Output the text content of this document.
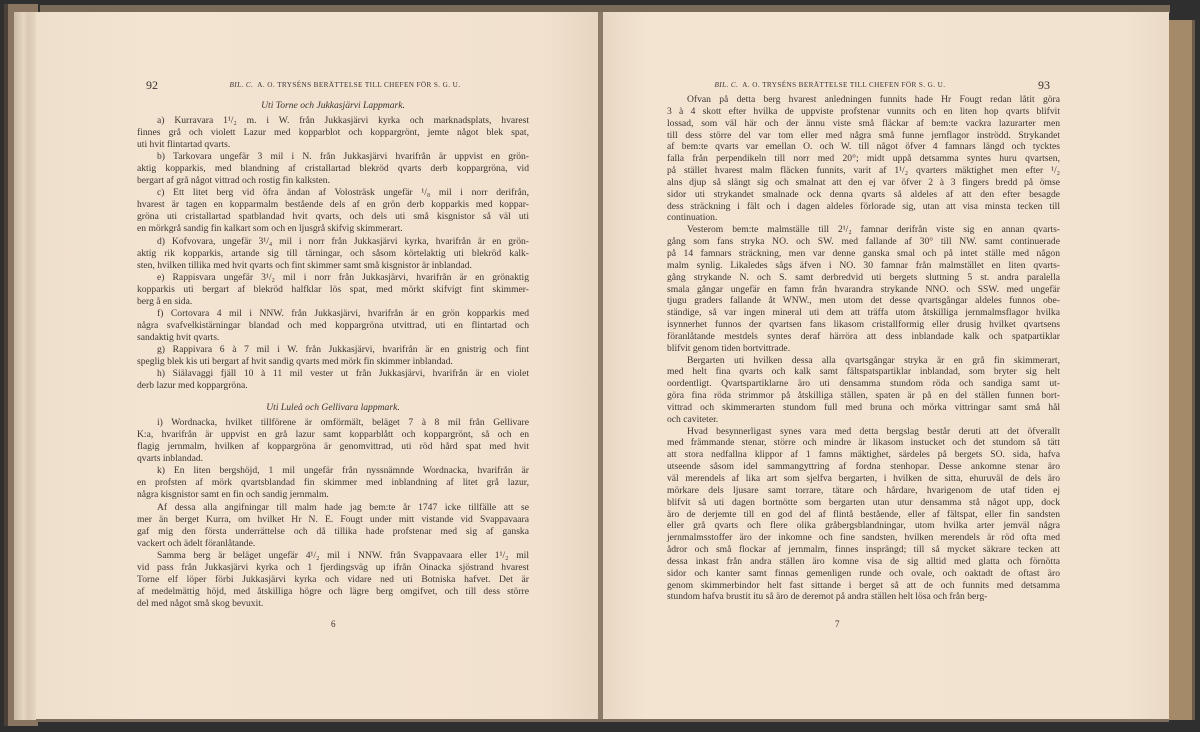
92	BIL. C. A. O. TRYSÉNS BERÄTTELSE TILL CHEFEN FÖR S. G. U.	93
BIL. C. A. O. TRYSÉNS BERÄTTELSE TILL CHEFEN FÖR S. G. U.
Uti Torne och Jukkasjärvi Lappmark.
a) Kurravara 1¹/₂ m. i W. från Jukkasjärvi kyrka och marknadsplats, hvarest
finnes grå och violett Lazur med kopparblot och koppargrönt, jemte något blek spat,
uti hvit flintartad qvarts.
b) Tarkovara ungefär 3 mil i N. från Jukkasjärvi hvarifrån är uppvist en grön-
aktig kopparkis, med blandning af cristallartad blekröd qvarts derb koppargröna, vid
bergart af grå något vittrad och rostig fin kalksten.
c) Ett litet berg vid öfra ändan af Volosträsk ungefär ¹/₈ mil i norr derifrån,
hvarest är tagen en kopparmalm bestående dels af en grön derb kopparkis med koppar-
gröna uti cristallartad spatblandad hvit qvarts, och dels uti små kisgnistor så väl uti
en mörkgrå sandig fin kalkart som och en ljusgrå skifvig skimmerart.
d) Kofvovara, ungefär 3¹/₄ mil i norr från Jukkasjärvi kyrka, hvarifrån är en grön-
aktig rik kopparkis, artande sig till tärningar, och såsom körtelaktig uti blekröd kalk-
sten, hvilken tillika med hvit qvarts och fint skimmer samt små kisgnistor är inblandad.
e) Rappisvara ungefär 3¹/₂ mil i norr från Jukkasjärvi, hvarifrån är en grönaktig
kopparkis uti bergart af blekröd halfklar lös spat, med mörkt skifvigt fint skimmer-
berg å en sida.
f) Cortovara 4 mil i NNW. från Jukkasjärvi, hvarifrån är en grön kopparkis med
några svafvelkistärningar blandad och med koppargröna utvittrad, uti en flintartad och
sandaktig hvit qvarts.
g) Rappivara 6 à 7 mil i W. från Jukkasjärvi, hvarifrån är en gnistrig och fint
speglig blek kis uti bergart af hvit sandig qvarts med mörk fin skimmer inblandad.
h) Siälavaggi fjäll 10 à 11 mil vester ut från Jukkasjärvi, hvarifrån är en violet
derb lazur med koppargröna.
Uti Luleå och Gellivara lappmark.
i) Wordnacka, hvilket tillförene är omförmält, beläget 7 à 8 mil från Gellivare
K:a, hvarifrån är uppvist en grå lazur samt kopparblått och koppargrönt, så och en
flagig jernmalm, hvilken af koppargröna är genomvittrad, uti röd hård spat med hvit
qvarts inblandad.
k) En liten bergshöjd, 1 mil ungefär från nyssnämnde Wordnacka, hvarifrån är
en profsten af mörk qvartsblandad fin skimmer med inblandning af litet grå lazur,
några kisgnistor samt en fin och sandig jernmalm.
Af dessa alla angifningar till malm hade jag bem:te år 1747 icke tillfälle att se
mer än berget Kurra, om hvilket Hr N. E. Fougt under mitt vistande vid Svappavaara
gaf mig den första underrättelse och då tillika hade profstenar med sig af ganska
vackert och ädelt föranlåtande.
Samma berg är beläget ungefär 4¹/₂ mil i NNW. från Svappavaara eller 1¹/₂ mil
vid pass från Jukkasjärvi kyrka och 1 fjerdingsväg up ifrån Oinacka sjöstrand hvarest
Torne elf löper förbi Jukkasjärvi kyrka och vidare ned uti Botniska hafvet. Det är
af medelmättig höjd, med åtskilliga högre och lägre berg omgifvet, och till dess större
del med något små skog bevuxit.
Ofvan på detta berg hvarest anledningen funnits hade Hr Fougt redan låtit göra
3 à 4 skott efter hvilka de uppviste profstenar vunnits och en liten hop qvarts blifvit
lossad, som väl här och der ännu viste små fläckar af bem:te vackra lazurarter men
till dess större del var tom eller med några små funne jernflagor inströdd. Strykandet
af bem:te qvarts var emellan O. och W. till något öfver 4 famnars längd och tycktes
falla från perpendikeln till norr med 20°; midt uppå detsamma syntes huru qvartsen,
på stället hvarest malm fläcken funnits, varit af 1¹/₂ qvarters mäktighet men efter ¹/₂
alns djup så slängt sig och smalnat att den ej var öfver 2 à 3 fingers bredd på ömse
sidor uti strykandet smalnade ock denna qvarts så aldeles af att den efter besagde
dess sträckning i fält och i dagen aldeles förlorade sig, utan att visa minsta tecken till
continuation.
Vesterom bem:te malmställe till 2¹/₂ famnar derifrån viste sig en annan qvarts-
gång som fans stryka NO. och SW. med fallande af 30° till NW. samt continuerade
på 14 famnars sträckning, men var denne ganska smal och på intet ställe med någon
malm synlig. Likaledes sågs äfven i NO. 30 famnar från malmstället en liten qvarts-
gång strykande N. och S. samt derbredvid uti bergets sluttning 5 st. andra paralella
smala gångar ungefär en famn från hvarandra strykande NNO. och SSW. med ungefär
tjugu graders fallande åt WNW., men utom det desse qvartsgångar aldeles funnos obe-
ständige, så var ingen mineral uti dem att träffa utom åtskilliga jernmalmsflagor hvilka
isynnerhet funnos der qvartsen fans likasom cristallformig eller drusig hvilket qvartsens
föranlåtande mestdels syntes deraf härröra att dess inblandade kalk och spatpartiklar
blifvit genom tiden bortvittrade.
Bergarten uti hvilken dessa alla qvartsgångar stryka är en grå fin skimmerart,
med helt fina qvarts och kalk samt fältspatspartiklar inblandad, som bryter sig helt
oordentligt. Qvartspartiklarne äro uti densamma stundom röda och sandiga samt ut-
göra fina röda strimmor på åtskilliga ställen, spaten är på en del ställen funnen bort-
vittrad och skimmerarten stundom full med bruna och mörka vittringar samt små hål
och caviteter.
Hvad besynnerligast synes vara med detta bergslag består deruti att det öfverallt
med främmande stenar, större och mindre är likasom instucket och det stundom så tätt
att stora nedfallna klippor af 1 famns mäktighet, särdeles på bergets SO. sida, hafva
utseende såsom idel sammangyttring af fordna stenhopar. Desse ankomne stenar äro
väl merendels af lika art som sjelfva bergarten, i hvilken de sitta, ehuruväl de dels äro
mörkare dels ljusare samt torrare, tätare och hårdare, hvarigenom de utaf tiden ej
blifvit så uti dagen bortnötte som bergarten utan utur densamma stå något upp, dock
äro de derjemte till en god del af flintå bestående, eller af fältspat, eller fin sandsten
eller grå qvarts och flere olika gråbergsblandningar, utom hvilka arter jemväl några
jernmalmsstoffer äro der inkomne och fine sandsten, hvilken merendels är röd ofta med
ådror och små flockar af jernmalm, finnes insprängd; till så mycket säkrare tecken att
dessa inkast från andra ställen äro komne visa de sig alltid med glatta och förnötta
sidor och kanter samt finnas gemenligen runde och ovale, och oaktadt de oftast äro
genom skimmerbindor helt fast sittande i berget så att de och funnits med detsamma
stundom hafva brustit itu så äro de deremot på andra ställen helt lösa och från berg-
6	7
